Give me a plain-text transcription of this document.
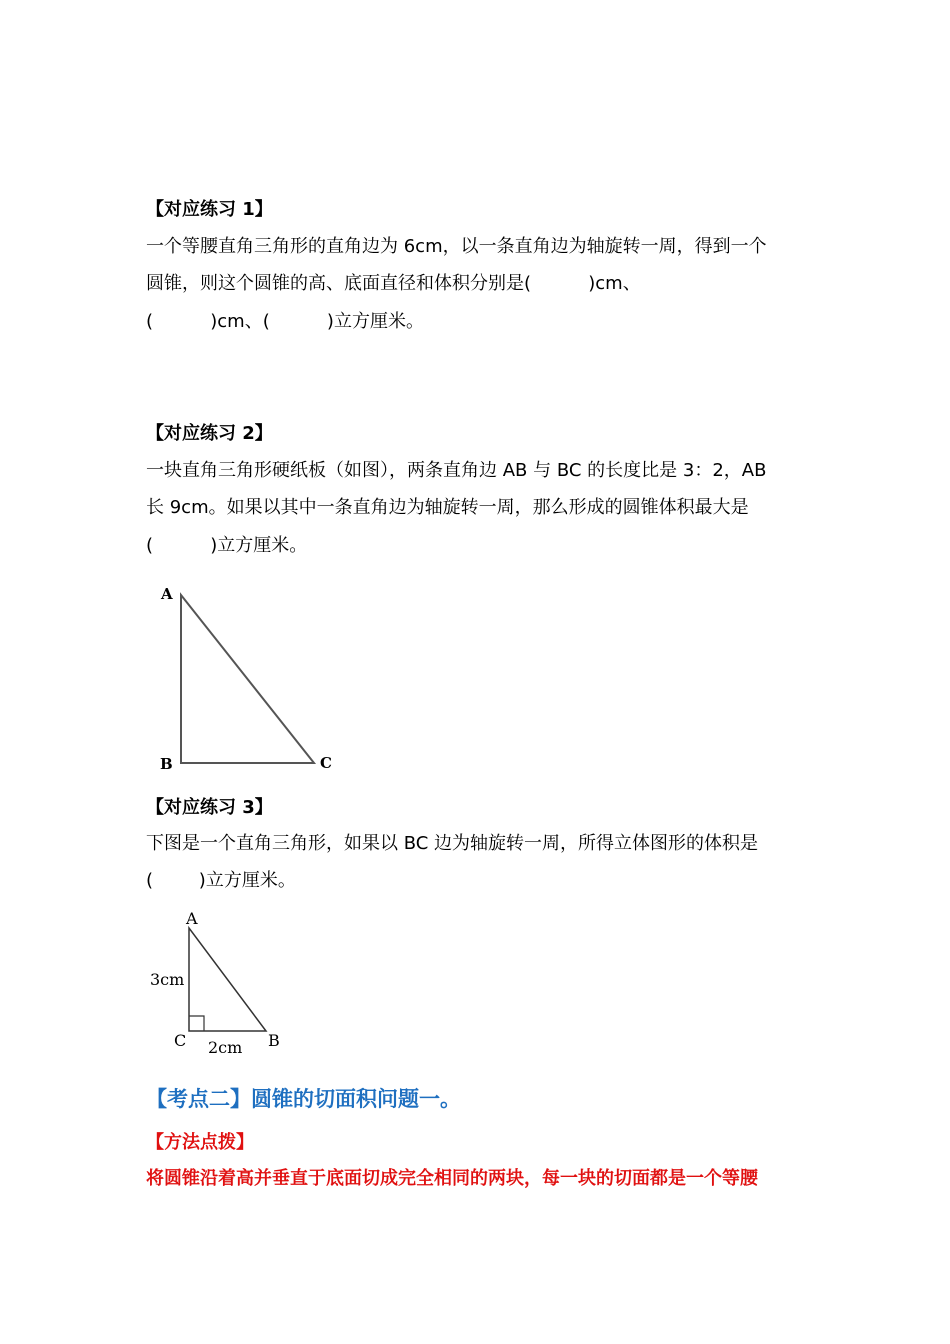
【对应练习 1】
一个等腰直角三角形的直角边为 6cm，以一条直角边为轴旋转一周，得到一个
圆锥，则这个圆锥的高、底面直径和体积分别是(          )cm、
(          )cm、(          )立方厘米。
【对应练习 2】
一块直角三角形硬纸板（如图），两条直角边 AB 与 BC 的长度比是 3：2，AB
长 9cm。如果以其中一条直角边为轴旋转一周，那么形成的圆锥体积最大是
(          )立方厘米。
A
B	C
【对应练习 3】
下图是一个直角三角形，如果以 BC 边为轴旋转一周，所得立体图形的体积是
(        )立方厘米。
A
C	B
3cm
2cm
【考点二】圆锥的切面积问题一。
【方法点拨】
将圆锥沿着高并垂直于底面切成完全相同的两块，每一块的切面都是一个等腰
